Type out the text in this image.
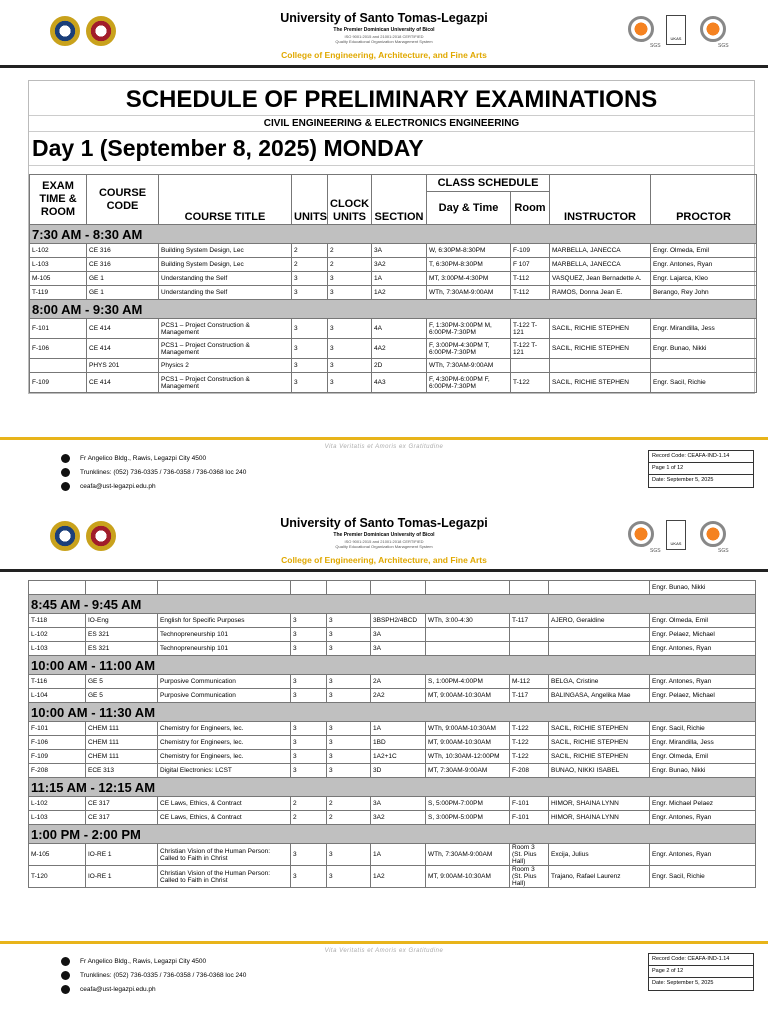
University of Santo Tomas-Legazpi
The Premier Dominican University of Bicol
ISO 9001:2015 and 21001:2018 CERTIFIED
Quality Educational Organization Management System
College of Engineering, Architecture, and Fine Arts
SGS
UKAS
SGS
SCHEDULE OF PRELIMINARY EXAMINATIONS
CIVIL ENGINEERING & ELECTRONICS ENGINEERING
Day 1 (September 8, 2025) MONDAY
EXAM TIME & ROOM	COURSE CODE	COURSE TITLE	UNITS	CLOCK UNITS	SECTION	CLASS SCHEDULE		INSTRUCTOR	PROCTOR
						Day & Time	Room		
7:30 AM - 8:30 AM									
L-102	CE 316	Building System Design, Lec	2	2	3A	W, 6:30PM-8:30PM	F-109	MARBELLA, JANECCA	Engr. Olmeda, Emil
L-103	CE 316	Building System Design, Lec	2	2	3A2	T, 6:30PM-8:30PM	F 107	MARBELLA, JANECCA	Engr. Antones, Ryan
M-105	GE 1	Understanding the Self	3	3	1A	MT, 3:00PM-4:30PM	T-112	VASQUEZ, Jean Bernadette A.	Engr. Lajarca, Kleo
T-119	GE 1	Understanding the Self	3	3	1A2	WTh, 7:30AM-9:00AM	T-112	RAMOS, Donna Jean E.	Berango, Rey John
8:00 AM - 9:30 AM									
F-101	CE 414	PCS1 – Project Construction & Management	3	3	4A	F, 1:30PM-3:00PM M, 6:00PM-7:30PM	T-122 T-121	SACIL, RICHIE STEPHEN	Engr. Mirandilla, Jess
F-106	CE 414	PCS1 – Project Construction & Management	3	3	4A2	F, 3:00PM-4:30PM T, 6:00PM-7:30PM	T-122 T-121	SACIL, RICHIE STEPHEN	Engr. Bunao, Nikki
	PHYS 201	Physics 2	3	3	2D	WTh, 7:30AM-9:00AM			
F-109	CE 414	PCS1 – Project Construction & Management	3	3	4A3	F, 4:30PM-6:00PM F, 6:00PM-7:30PM	T-122	SACIL, RICHIE STEPHEN	Engr. Sacil, Richie
Vita Veritatis et Amoris ex Gratitudine
Fr Angelico Bldg., Rawis, Legazpi City 4500
Trunklines: (052) 736-0335 / 736-0358 / 736-0368 loc 240
ceafa@ust-legazpi.edu.ph
Record Code: CEAFA-IND-1.14
Page 1 of 12
Date: September 5, 2025
University of Santo Tomas-Legazpi
The Premier Dominican University of Bicol
ISO 9001:2015 and 21001:2018 CERTIFIED
Quality Educational Organization Management System
College of Engineering, Architecture, and Fine Arts
SGS
UKAS
SGS
									Engr. Bunao, Nikki
8:45 AM - 9:45 AM									
T-118	IO-Eng	English for Specific Purposes	3	3	3BSPH2/4BCD	WTh, 3:00-4:30	T-117	AJERO, Geraldine	Engr. Olmeda, Emil
L-102	ES 321	Technopreneurship 101	3	3	3A				Engr. Pelaez, Michael
L-103	ES 321	Technopreneurship 101	3	3	3A				Engr. Antones, Ryan
10:00 AM - 11:00 AM									
T-116	GE 5	Purposive Communication	3	3	2A	S, 1:00PM-4:00PM	M-112	BELGA, Cristine	Engr. Antones, Ryan
L-104	GE 5	Purposive Communication	3	3	2A2	MT, 9:00AM-10:30AM	T-117	BALINGASA, Angelika Mae	Engr. Pelaez, Michael
10:00 AM - 11:30 AM									
F-101	CHEM 111	Chemistry for Engineers, lec.	3	3	1A	WTh, 9:00AM-10:30AM	T-122	SACIL, RICHIE STEPHEN	Engr. Sacil, Richie
F-106	CHEM 111	Chemistry for Engineers, lec.	3	3	1BD	MT, 9:00AM-10:30AM	T-122	SACIL, RICHIE STEPHEN	Engr. Mirandilla, Jess
F-109	CHEM 111	Chemistry for Engineers, lec.	3	3	1A2+1C	WTh, 10:30AM-12:00PM	T-122	SACIL, RICHIE STEPHEN	Engr. Olmeda, Emil
F-208	ECE 313	Digital Electronics: LCST	3	3	3D	MT, 7:30AM-9:00AM	F-208	BUNAO, NIKKI ISABEL	Engr. Bunao, Nikki
11:15 AM - 12:15 AM									
L-102	CE 317	CE Laws, Ethics, & Contract	2	2	3A	S, 5:00PM-7:00PM	F-101	HIMOR, SHAINA LYNN	Engr. Michael Pelaez
L-103	CE 317	CE Laws, Ethics, & Contract	2	2	3A2	S, 3:00PM-5:00PM	F-101	HIMOR, SHAINA LYNN	Engr. Antones, Ryan
1:00 PM - 2:00 PM									
M-105	IO-RE 1	Christian Vision of the Human Person: Called to Faith in Christ	3	3	1A	WTh, 7:30AM-9:00AM	Room 3 (St. Pius Hall)	Excija, Julius	Engr. Antones, Ryan
T-120	IO-RE 1	Christian Vision of the Human Person: Called to Faith in Christ	3	3	1A2	MT, 9:00AM-10:30AM	Room 3 (St. Pius Hall)	Trajano, Rafael Laurenz	Engr. Sacil, Richie
Vita Veritatis et Amoris ex Gratitudine
Fr Angelico Bldg., Rawis, Legazpi City 4500
Trunklines: (052) 736-0335 / 736-0358 / 736-0368 loc 240
ceafa@ust-legazpi.edu.ph
Record Code: CEAFA-IND-1.14
Page 2 of 12
Date: September 5, 2025
